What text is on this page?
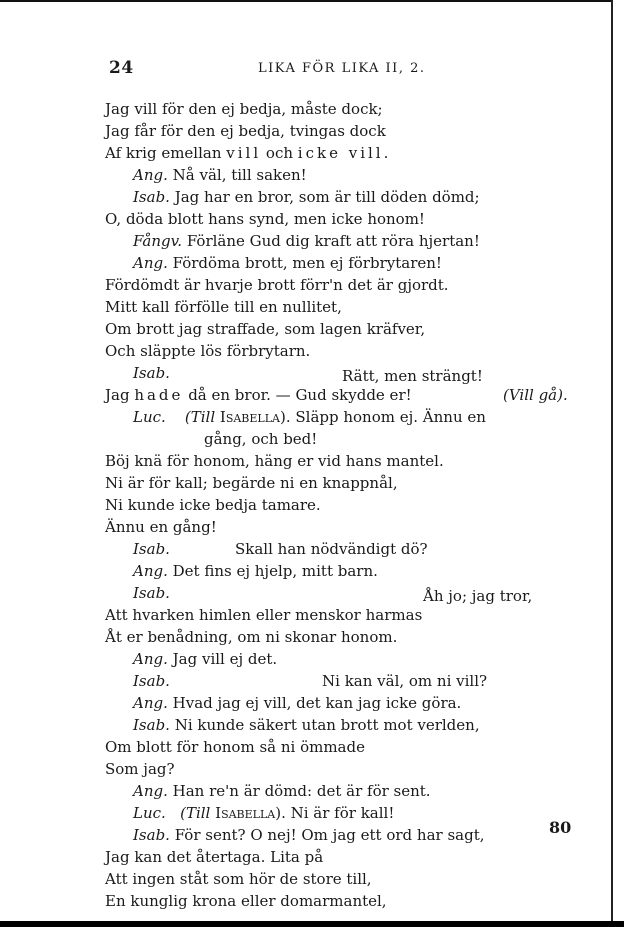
24	LIKA FÖR LIKA II, 2.
Jag vill för den ej bedja, måste dock;
Jag får för den ej bedja, tvingas dock
Af krig emellan vill och icke vill.
Ang. Nå väl, till saken!
Isab. Jag har en bror, som är till döden dömd;
O, döda blott hans synd, men icke honom!
Fångv. Förläne Gud dig kraft att röra hjertan!
Ang. Fördöma brott, men ej förbrytaren!
Fördömdt är hvarje brott förr'n det är gjordt.
Mitt kall förfölle till en nullitet,
Om brott jag straffade, som lagen kräfver,
Och släppte lös förbrytarn.
Isab.	Rätt, men strängt!
Jag hade då en bror. — Gud skydde er!	(Vill gå).
Luc. (Till Isabella). Släpp honom ej. Ännu en
gång, och bed!
Böj knä för honom, häng er vid hans mantel.
Ni är för kall; begärde ni en knappnål,
Ni kunde icke bedja tamare.
Ännu en gång!
Isab.	Skall han nödvändigt dö?
Ang. Det fins ej hjelp, mitt barn.
Isab.	Åh jo; jag tror,
Att hvarken himlen eller menskor harmas
Åt er benådning, om ni skonar honom.
Ang. Jag vill ej det.
Isab.	Ni kan väl, om ni vill?
Ang. Hvad jag ej vill, det kan jag icke göra.
Isab. Ni kunde säkert utan brott mot verlden,
Om blott för honom så ni ömmade
Som jag?
Ang. Han re'n är dömd: det är för sent.
Luc. (Till Isabella). Ni är för kall!
Isab. För sent? O nej! Om jag ett ord har sagt,
Jag kan det återtaga. Lita på
Att ingen ståt som hör de store till,
En kunglig krona eller domarmantel,
80
